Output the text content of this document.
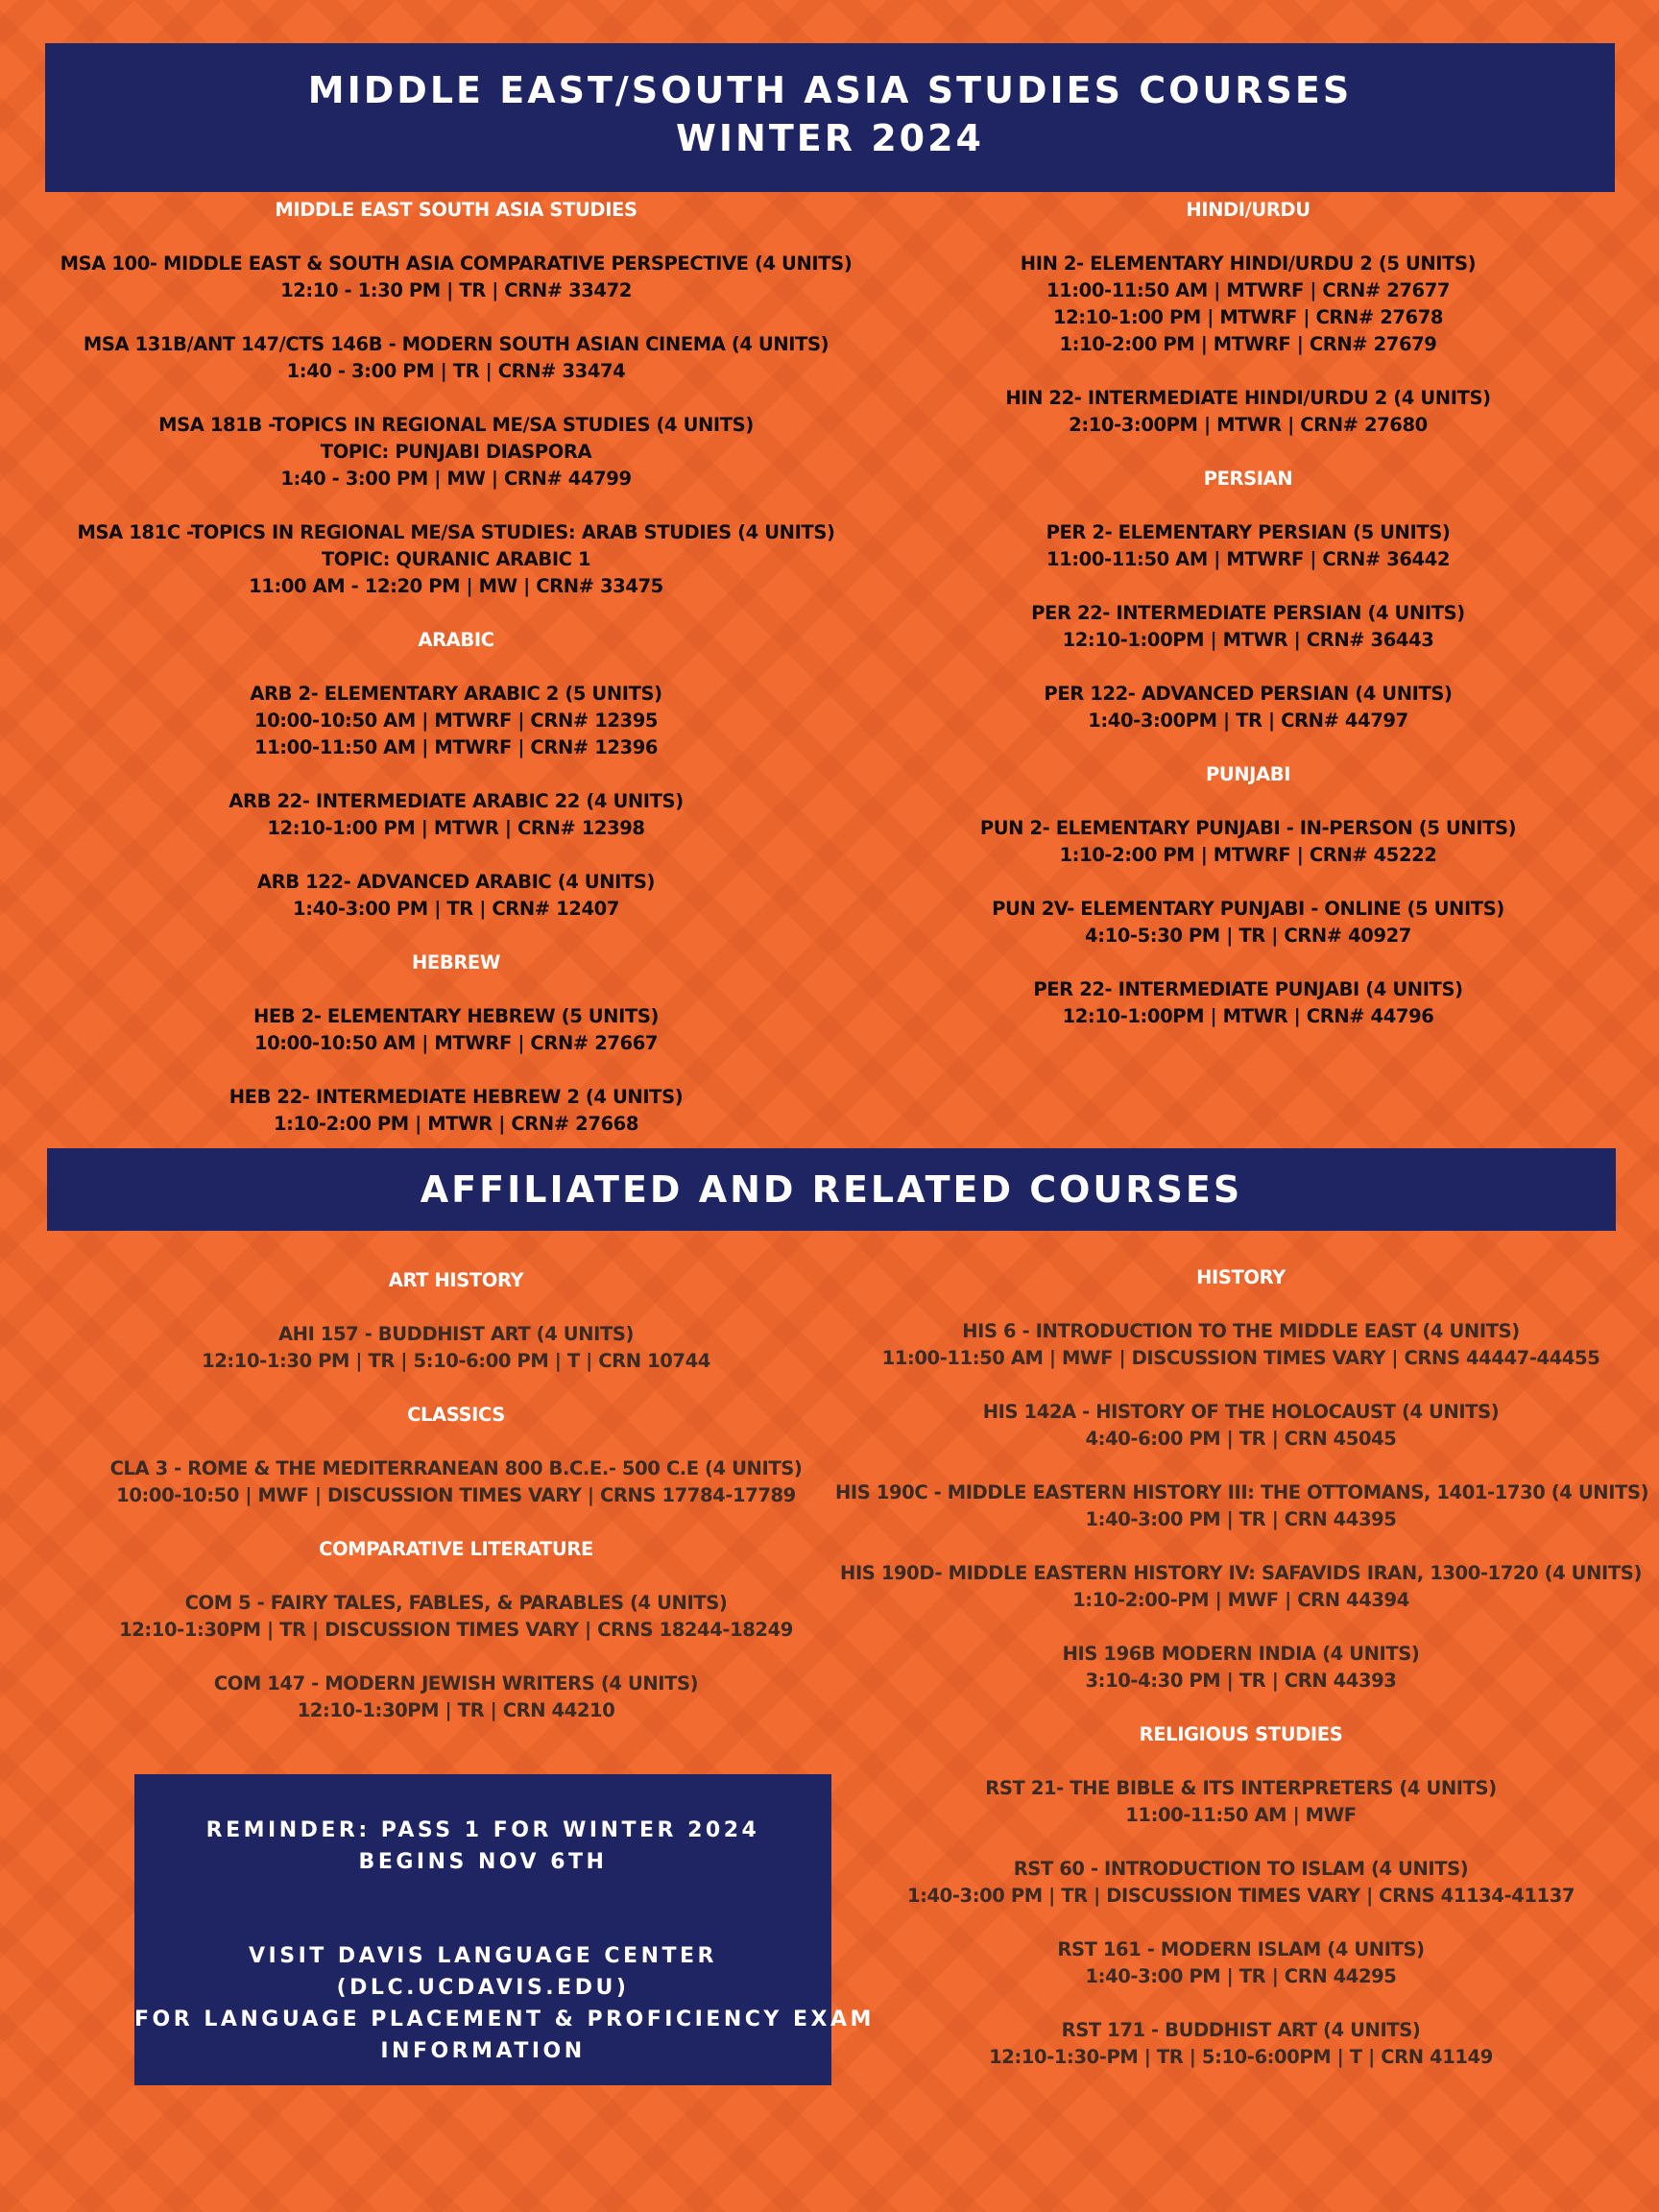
MIDDLE EAST/SOUTH ASIA STUDIES COURSES
WINTER 2024
MIDDLE EAST SOUTH ASIA STUDIES
MSA 100- MIDDLE EAST & SOUTH ASIA COMPARATIVE PERSPECTIVE (4 UNITS)
12:10 - 1:30 PM | TR | CRN# 33472
MSA 131B/ANT 147/CTS 146B - MODERN SOUTH ASIAN CINEMA (4 UNITS)
1:40 - 3:00 PM | TR | CRN# 33474
MSA 181B -TOPICS IN REGIONAL ME/SA STUDIES (4 UNITS)
TOPIC: PUNJABI DIASPORA
1:40 - 3:00 PM | MW | CRN# 44799
MSA 181C -TOPICS IN REGIONAL ME/SA STUDIES: ARAB STUDIES (4 UNITS)
TOPIC: QURANIC ARABIC 1
11:00 AM - 12:20 PM | MW | CRN# 33475
ARABIC
ARB 2- ELEMENTARY ARABIC 2 (5 UNITS)
10:00-10:50 AM | MTWRF | CRN# 12395
11:00-11:50 AM | MTWRF | CRN# 12396
ARB 22- INTERMEDIATE ARABIC 22 (4 UNITS)
12:10-1:00 PM | MTWR | CRN# 12398
ARB 122- ADVANCED ARABIC (4 UNITS)
1:40-3:00 PM | TR | CRN# 12407
HEBREW
HEB 2- ELEMENTARY HEBREW (5 UNITS)
10:00-10:50 AM | MTWRF | CRN# 27667
HEB 22- INTERMEDIATE HEBREW 2 (4 UNITS)
1:10-2:00 PM | MTWR | CRN# 27668
HINDI/URDU
HIN 2- ELEMENTARY HINDI/URDU 2 (5 UNITS)
11:00-11:50 AM | MTWRF | CRN# 27677
12:10-1:00 PM | MTWRF | CRN# 27678
1:10-2:00 PM | MTWRF | CRN# 27679
HIN 22- INTERMEDIATE HINDI/URDU 2 (4 UNITS)
2:10-3:00PM | MTWR | CRN# 27680
PERSIAN
PER 2- ELEMENTARY PERSIAN (5 UNITS)
11:00-11:50 AM | MTWRF | CRN# 36442
PER 22- INTERMEDIATE PERSIAN (4 UNITS)
12:10-1:00PM | MTWR | CRN# 36443
PER 122- ADVANCED PERSIAN (4 UNITS)
1:40-3:00PM | TR | CRN# 44797
PUNJABI
PUN 2- ELEMENTARY PUNJABI - IN-PERSON (5 UNITS)
1:10-2:00 PM | MTWRF | CRN# 45222
PUN 2V- ELEMENTARY PUNJABI - ONLINE (5 UNITS)
4:10-5:30 PM | TR | CRN# 40927
PER 22- INTERMEDIATE PUNJABI (4 UNITS)
12:10-1:00PM | MTWR | CRN# 44796
AFFILIATED AND RELATED COURSES
ART HISTORY
AHI 157 - BUDDHIST ART (4 UNITS)
12:10-1:30 PM | TR | 5:10-6:00 PM | T | CRN 10744
CLASSICS
CLA 3 - ROME & THE MEDITERRANEAN 800 B.C.E.- 500 C.E (4 UNITS)
10:00-10:50 | MWF | DISCUSSION TIMES VARY | CRNS 17784-17789
COMPARATIVE LITERATURE
COM 5 - FAIRY TALES, FABLES, & PARABLES (4 UNITS)
12:10-1:30PM | TR | DISCUSSION TIMES VARY | CRNS 18244-18249
COM 147 - MODERN JEWISH WRITERS (4 UNITS)
12:10-1:30PM | TR | CRN 44210
HISTORY
HIS 6 - INTRODUCTION TO THE MIDDLE EAST (4 UNITS)
11:00-11:50 AM | MWF | DISCUSSION TIMES VARY | CRNS 44447-44455
HIS 142A - HISTORY OF THE HOLOCAUST (4 UNITS)
4:40-6:00 PM | TR | CRN 45045
HIS 190C - MIDDLE EASTERN HISTORY III: THE OTTOMANS, 1401-1730 (4 UNITS)
1:40-3:00 PM | TR | CRN 44395
HIS 190D- MIDDLE EASTERN HISTORY IV: SAFAVIDS IRAN, 1300-1720 (4 UNITS)
1:10-2:00-PM | MWF | CRN 44394
HIS 196B MODERN INDIA (4 UNITS)
3:10-4:30 PM | TR | CRN 44393
RELIGIOUS STUDIES
RST 21- THE BIBLE & ITS INTERPRETERS (4 UNITS)
11:00-11:50 AM | MWF
RST 60 - INTRODUCTION TO ISLAM (4 UNITS)
1:40-3:00 PM | TR | DISCUSSION TIMES VARY | CRNS 41134-41137
RST 161 - MODERN ISLAM (4 UNITS)
1:40-3:00 PM | TR | CRN 44295
RST 171 - BUDDHIST ART (4 UNITS)
12:10-1:30-PM | TR | 5:10-6:00PM | T | CRN 41149
REMINDER: PASS 1 FOR WINTER 2024
BEGINS NOV 6TH
VISIT DAVIS LANGUAGE CENTER
(DLC.UCDAVIS.EDU)
FOR LANGUAGE PLACEMENT & PROFICIENCY EXAM
INFORMATION
